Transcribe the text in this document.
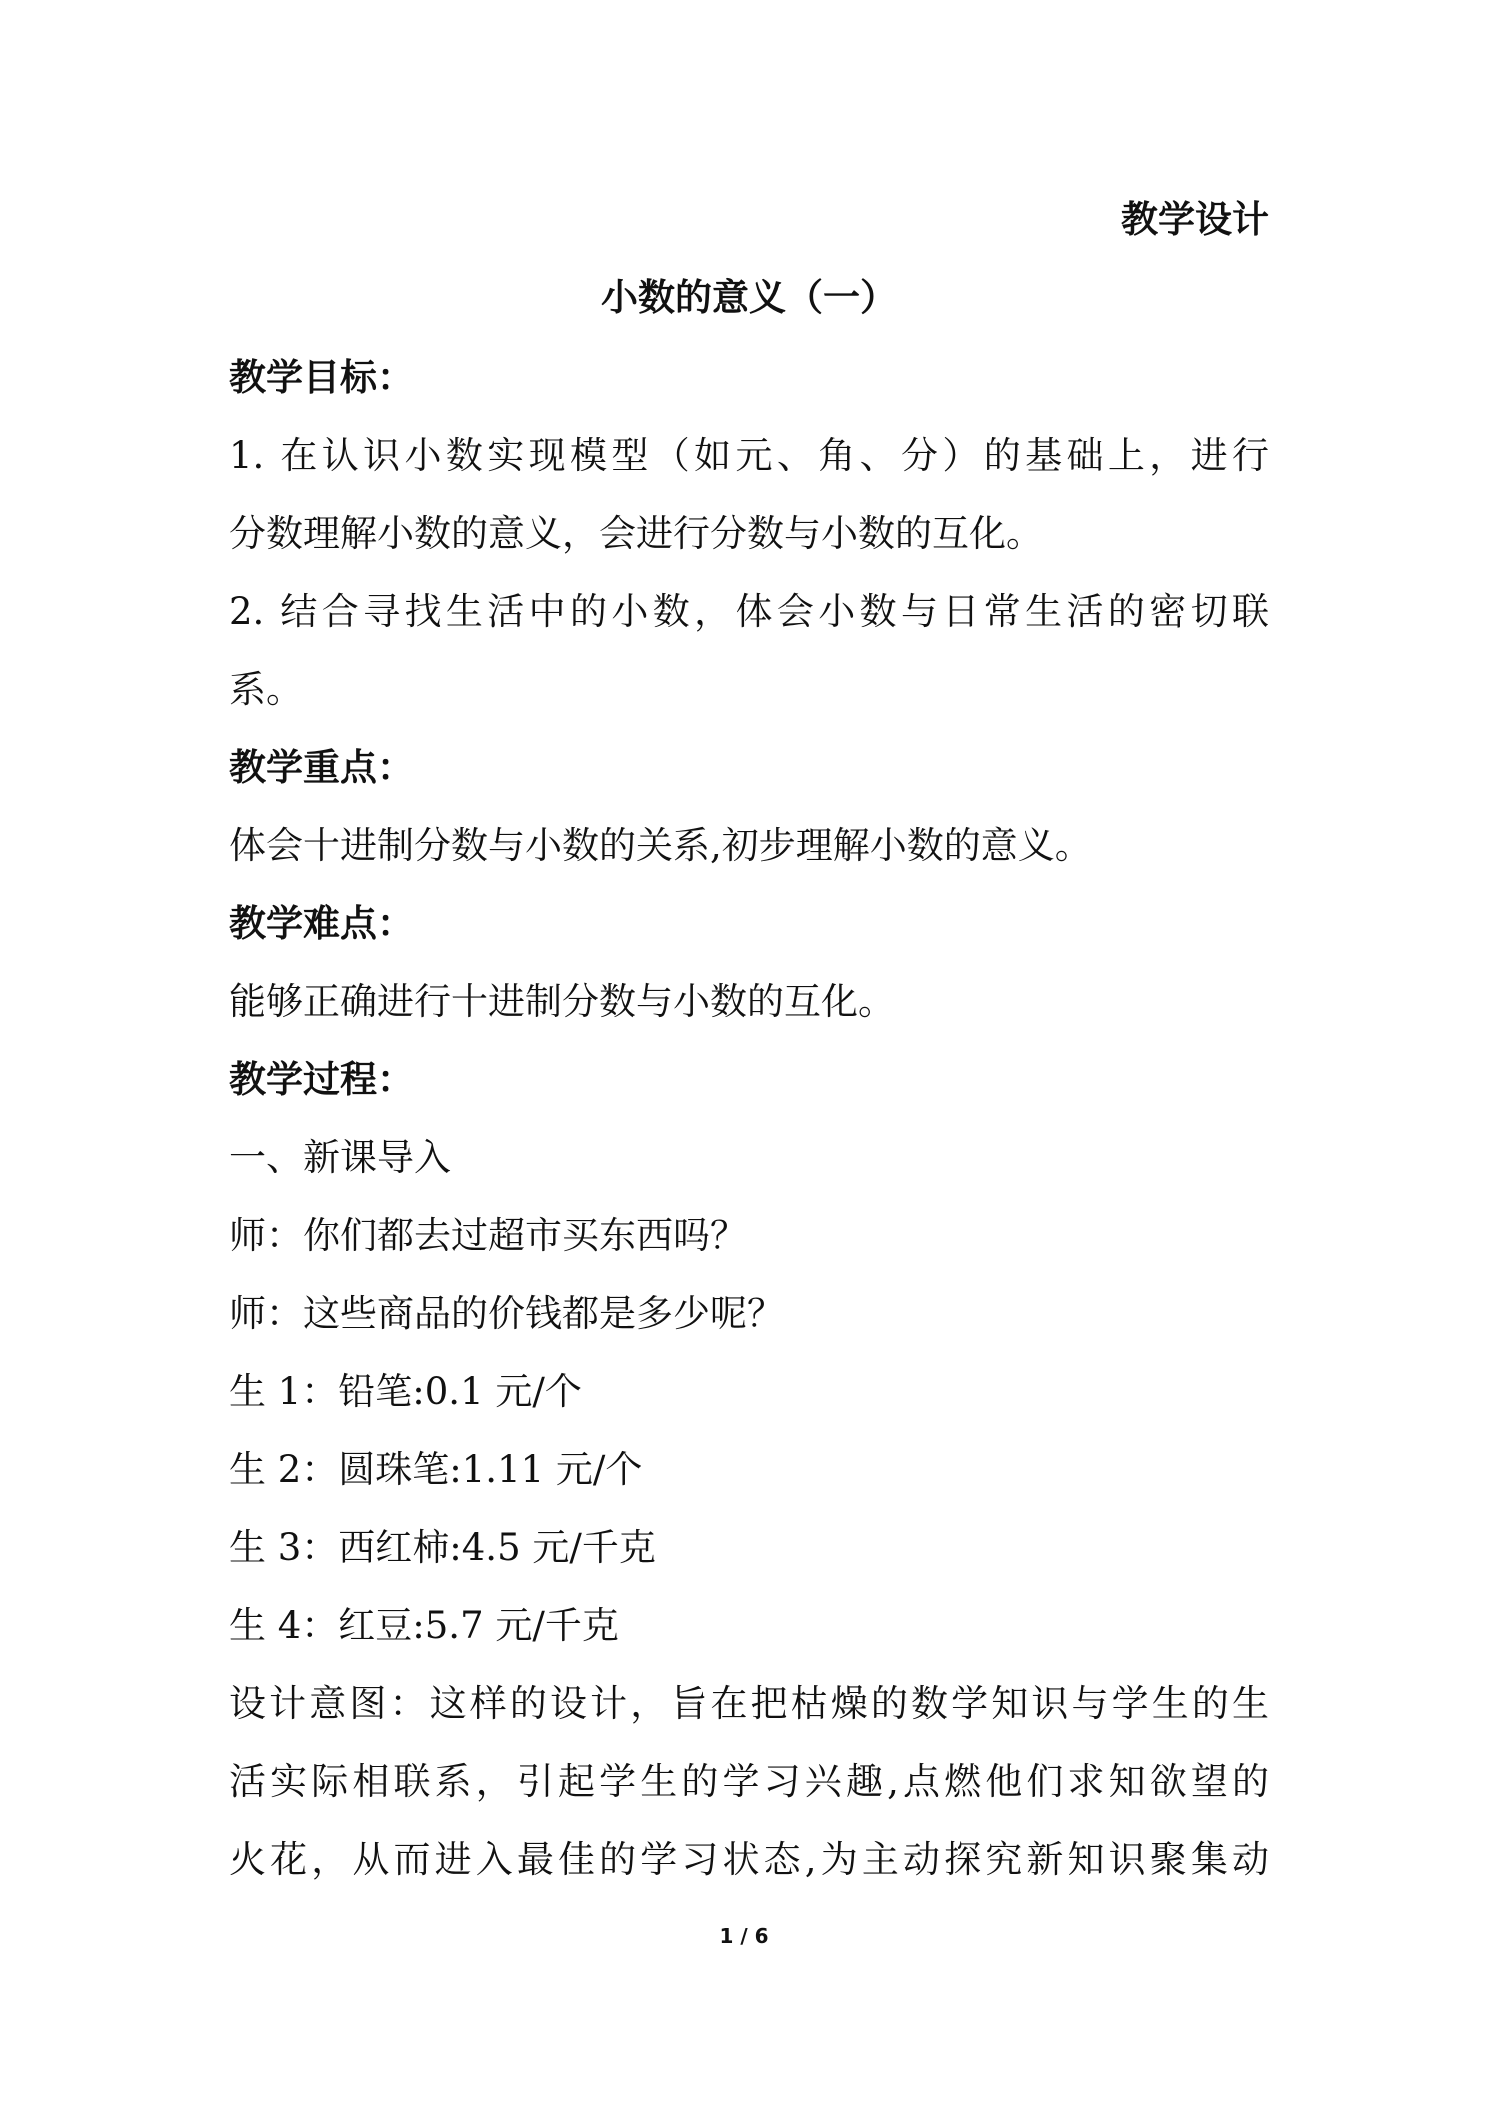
教学设计
小数的意义（一）
教学目标：
1. 在认识小数实现模型（如元、角、分）的基础上，进行
分数理解小数的意义，会进行分数与小数的互化。
2. 结合寻找生活中的小数，体会小数与日常生活的密切联
系。
教学重点：
体会十进制分数与小数的关系,初步理解小数的意义。
教学难点：
能够正确进行十进制分数与小数的互化。
教学过程：
一、新课导入
师：你们都去过超市买东西吗？
师：这些商品的价钱都是多少呢？
生 1：铅笔:0.1 元/个
生 2：圆珠笔:1.11 元/个
生 3：西红柿:4.5 元/千克
生 4：红豆:5.7 元/千克
设计意图：这样的设计，旨在把枯燥的数学知识与学生的生
活实际相联系，引起学生的学习兴趣,点燃他们求知欲望的
火花，从而进入最佳的学习状态,为主动探究新知识聚集动
1 / 6
